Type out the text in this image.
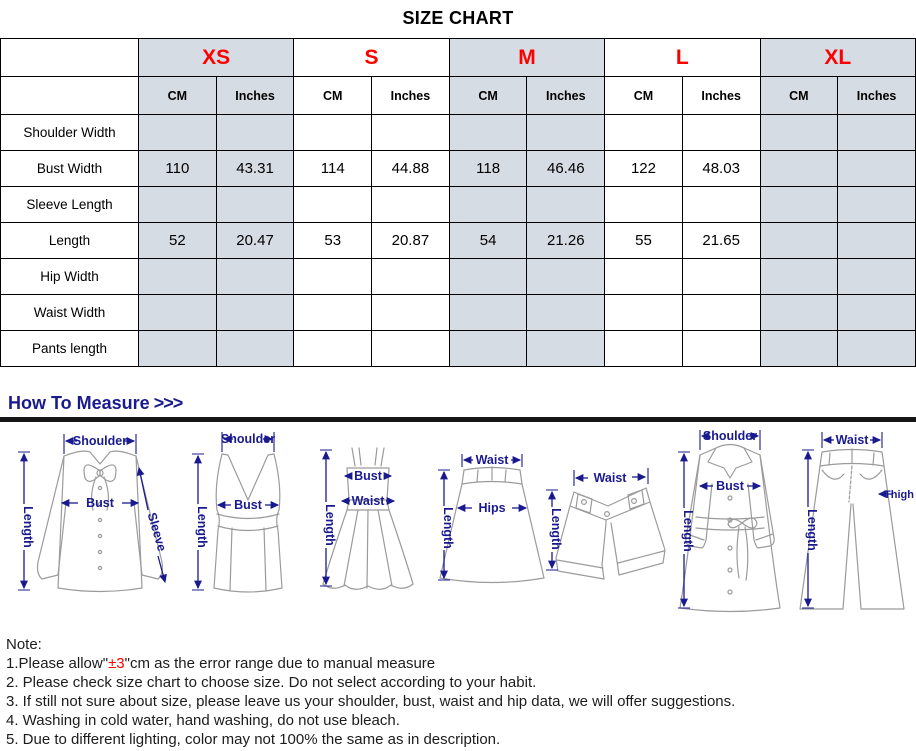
SIZE CHART
	XS		S		M		L		XL	
	CM	Inches	CM	Inches	CM	Inches	CM	Inches	CM	Inches
Shoulder Width										
Bust Width	110	43.31	114	44.88	118	46.46	122	48.03		
Sleeve Length										
Length	52	20.47	53	20.87	54	21.26	55	21.65		
Hip Width										
Waist Width										
Pants length										
How To Measure >>>
Shoulder
Length
Bust
Sleeve
Shoulder
Length
Bust
Bust
Waist
Length
Waist
Hips
Length
Waist
Length
Shoulder
Length
Bust
Waist
Length
Thigh
Note:
1.Please allow"±3"cm as the error range due to manual measure
2. Please check size chart to choose size. Do not select according to your habit.
3. If still not sure about size, please leave us your shoulder, bust, waist and hip data, we will offer suggestions.
4. Washing in cold water, hand washing, do not use bleach.
5. Due to different lighting, color may not 100% the same as in description.
